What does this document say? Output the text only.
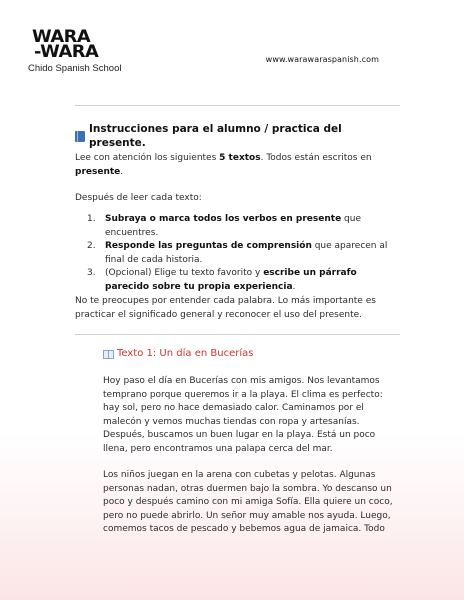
WARA
-WARA
Chido Spanish School
www.warawaraspanish.com
Instrucciones para el alumno / practica del presente.
Lee con atención los siguientes 5 textos. Todos están escritos en presente.
Después de leer cada texto:
1. Subraya o marca todos los verbos en presente que encuentres.
2. Responde las preguntas de comprensión que aparecen al final de cada historia.
3. (Opcional) Elige tu texto favorito y escribe un párrafo parecido sobre tu propia experiencia.
No te preocupes por entender cada palabra. Lo más importante es practicar el significado general y reconocer el uso del presente.
Texto 1: Un día en Bucerías
Hoy paso el día en Bucerías con mis amigos. Nos levantamos temprano porque queremos ir a la playa. El clima es perfecto: hay sol, pero no hace demasiado calor. Caminamos por el malecón y vemos muchas tiendas con ropa y artesanías. Después, buscamos un buen lugar en la playa. Está un poco llena, pero encontramos una palapa cerca del mar.
Los niños juegan en la arena con cubetas y pelotas. Algunas personas nadan, otras duermen bajo la sombra. Yo descanso un poco y después camino con mi amiga Sofía. Ella quiere un coco, pero no puede abrirlo. Un señor muy amable nos ayuda. Luego, comemos tacos de pescado y bebemos agua de jamaica. Todo
